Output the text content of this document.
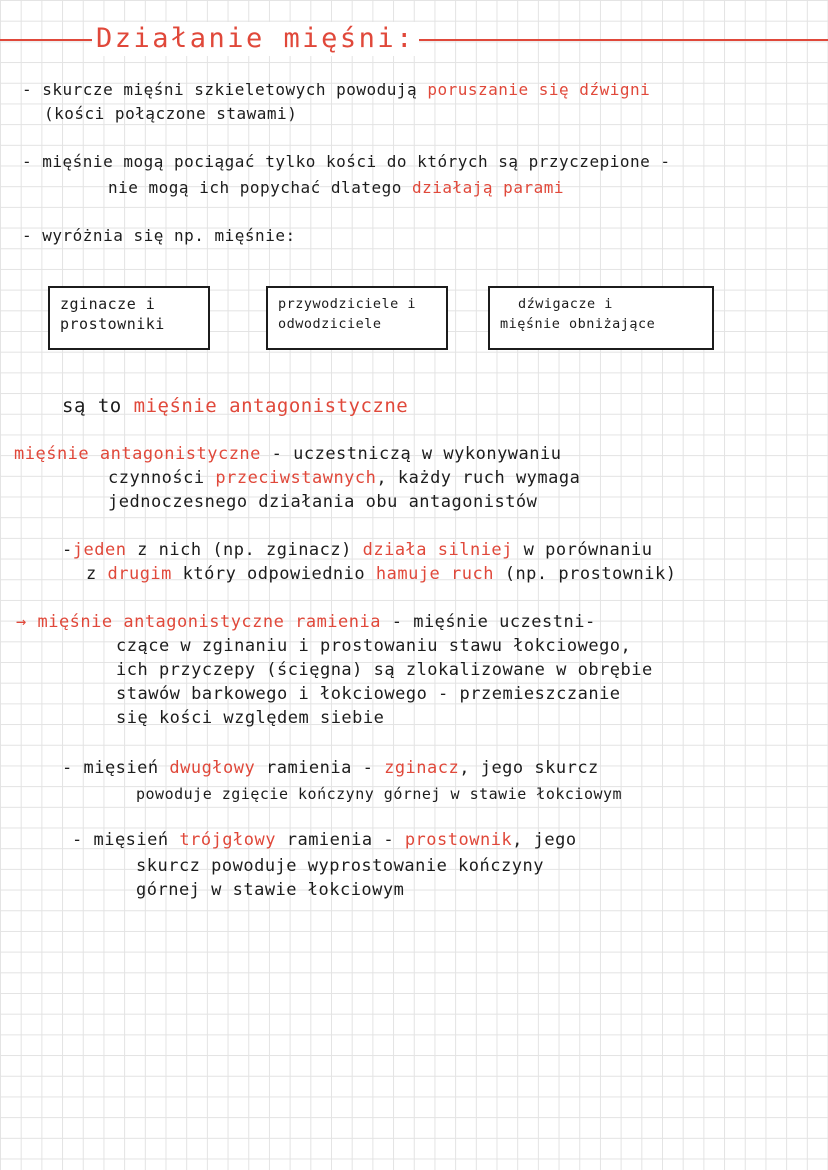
Działanie mięśni:
- skurcze mięśni szkieletowych powodują poruszanie się dźwigni
(kości połączone stawami)
- mięśnie mogą pociągać tylko kości do których są przyczepione -
nie mogą ich popychać dlatego działają parami
- wyróżnia się np. mięśnie:
zginacze i
prostowniki
przywodziciele i
odwodziciele
dźwigacze i
mięśnie obniżające
są to mięśnie antagonistyczne
mięśnie antagonistyczne - uczestniczą w wykonywaniu
czynności przeciwstawnych, każdy ruch wymaga
jednoczesnego działania obu antagonistów
-jeden z nich (np. zginacz) działa silniej w porównaniu
z drugim który odpowiednio hamuje ruch (np. prostownik)
→ mięśnie antagonistyczne ramienia - mięśnie uczestni-
czące w zginaniu i prostowaniu stawu łokciowego,
ich przyczepy (ścięgna) są zlokalizowane w obrębie
stawów barkowego i łokciowego - przemieszczanie
się kości względem siebie
- mięsień dwugłowy ramienia - zginacz, jego skurcz
powoduje zgięcie kończyny górnej w stawie łokciowym
- mięsień trójgłowy ramienia - prostownik, jego
skurcz powoduje wyprostowanie kończyny
górnej w stawie łokciowym
